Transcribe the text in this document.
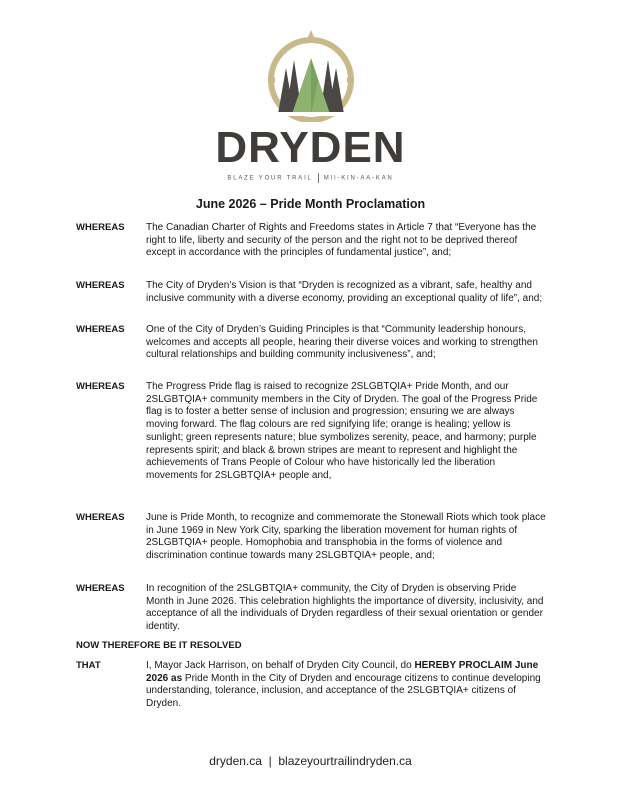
DRYDEN
BLAZE YOUR TRAIL MII-KIN-AA-KAN
June 2026 – Pride Month Proclamation
WHEREAS The Canadian Charter of Rights and Freedoms states in Article 7 that “Everyone has the right to life, liberty and security of the person and the right not to be deprived thereof except in accordance with the principles of fundamental justice”, and;
WHEREAS The City of Dryden’s Vision is that “Dryden is recognized as a vibrant, safe, healthy and inclusive community with a diverse economy, providing an exceptional quality of life”, and;
WHEREAS One of the City of Dryden’s Guiding Principles is that “Community leadership honours, welcomes and accepts all people, hearing their diverse voices and working to strengthen cultural relationships and building community inclusiveness”, and;
WHEREAS The Progress Pride flag is raised to recognize 2SLGBTQIA+ Pride Month, and our 2SLGBTQIA+ community members in the City of Dryden. The goal of the Progress Pride flag is to foster a better sense of inclusion and progression; ensuring we are always moving forward. The flag colours are red signifying life; orange is healing; yellow is sunlight; green represents nature; blue symbolizes serenity, peace, and harmony; purple represents spirit; and black & brown stripes are meant to represent and highlight the achievements of Trans People of Colour who have historically led the liberation movements for 2SLGBTQIA+ people and,
WHEREAS June is Pride Month, to recognize and commemorate the Stonewall Riots which took place in June 1969 in New York City, sparking the liberation movement for human rights of 2SLGBTQIA+ people. Homophobia and transphobia in the forms of violence and discrimination continue towards many 2SLGBTQIA+ people, and;
WHEREAS In recognition of the 2SLGBTQIA+ community, the City of Dryden is observing Pride Month in June 2026. This celebration highlights the importance of diversity, inclusivity, and acceptance of all the individuals of Dryden regardless of their sexual orientation or gender identity.
NOW THEREFORE BE IT RESOLVED
THAT	I, Mayor Jack Harrison, on behalf of Dryden City Council, do HEREBY PROCLAIM June 2026 as Pride Month in the City of Dryden and encourage citizens to continue developing understanding, tolerance, inclusion, and acceptance of the 2SLGBTQIA+ citizens of Dryden.
dryden.ca  |  blazeyourtrailindryden.ca
